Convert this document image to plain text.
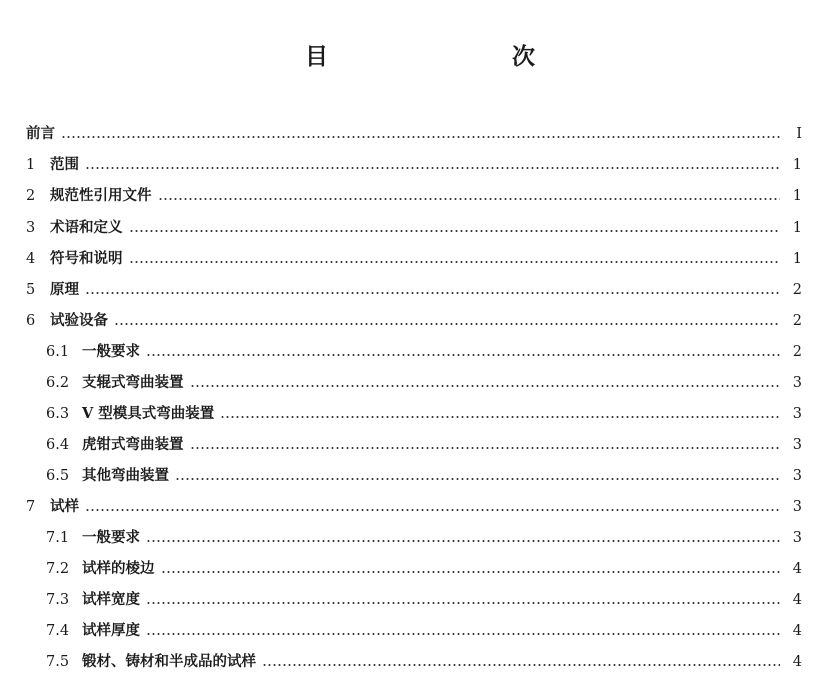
目　　次
前言	I
1	范围	1
2	规范性引用文件	1
3	术语和定义	1
4	符号和说明	1
5	原理	2
6	试验设备	2
6.1 一般要求	2
6.2 支辊式弯曲装置	3
6.3 V 型模具式弯曲装置	3
6.4 虎钳式弯曲装置	3
6.5 其他弯曲装置	3
7	试样	3
7.1 一般要求	3
7.2 试样的棱边	4
7.3 试样宽度	4
7.4 试样厚度	4
7.5 锻材、铸材和半成品的试样	4
